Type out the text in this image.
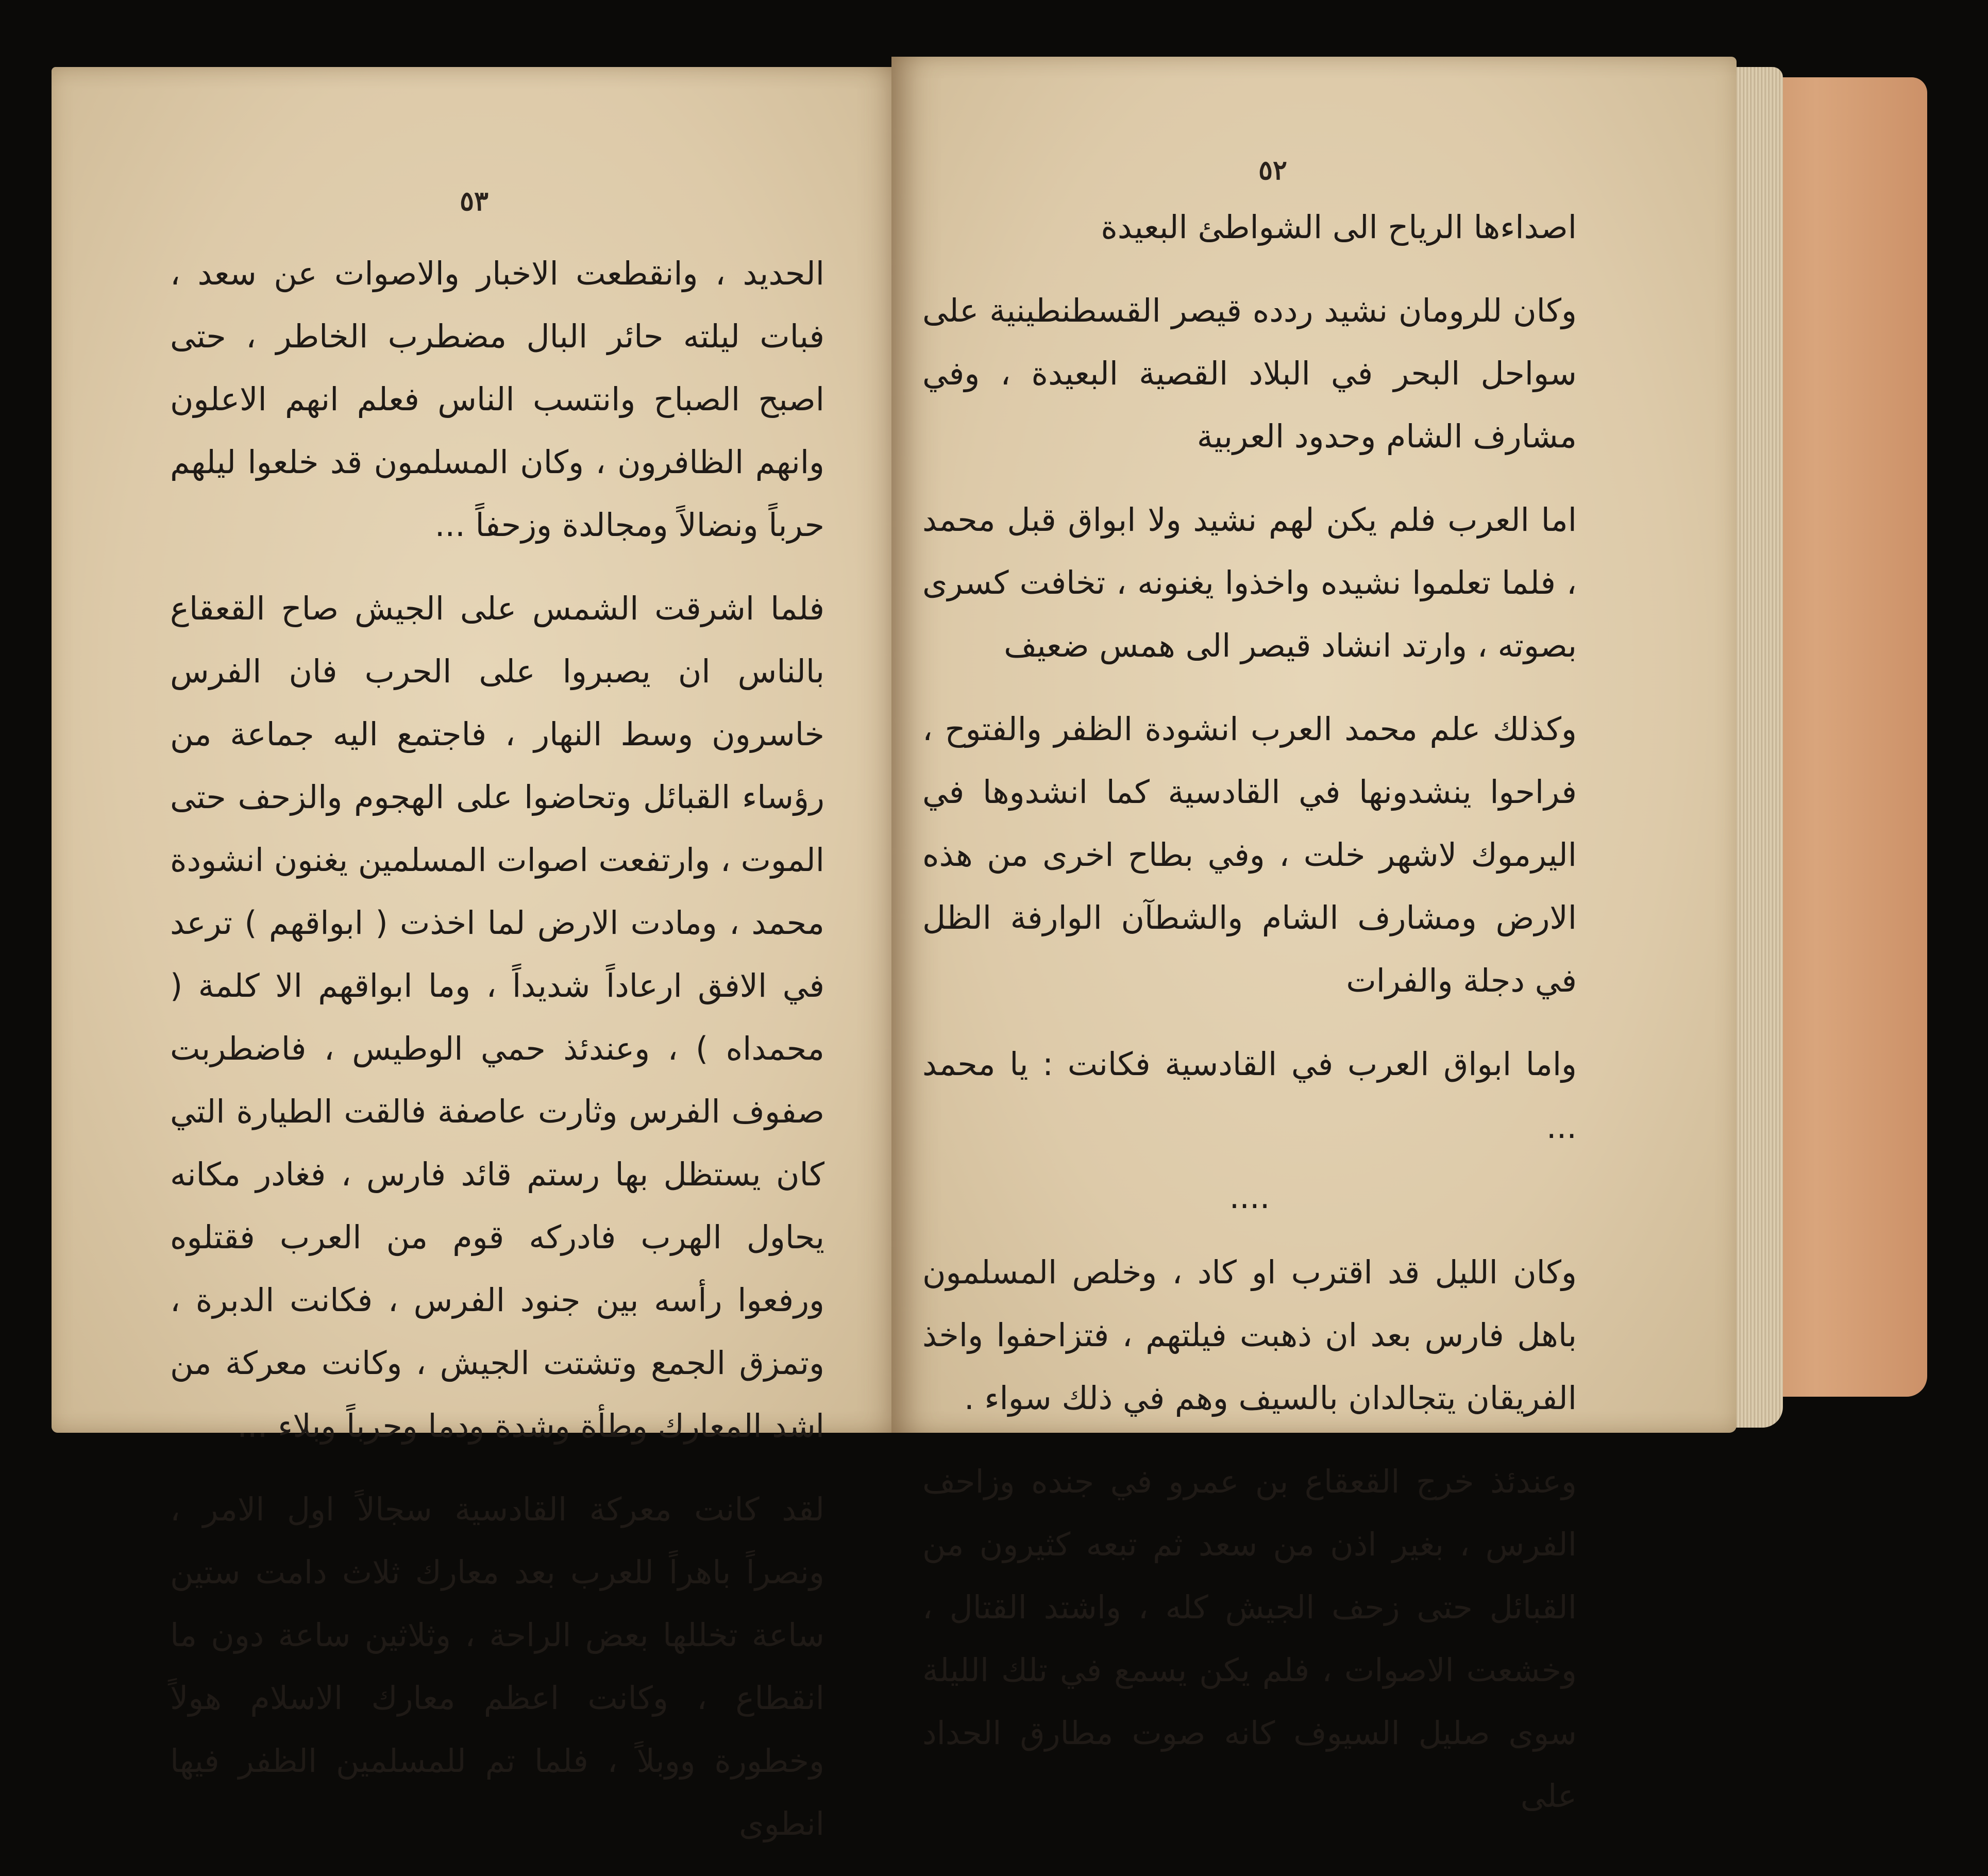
٥٣

الحديد ، وانقطعت الاخبار والاصوات عن سعد ، فبات ليلته حائر البال مضطرب الخاطر ، حتى اصبح الصباح وانتسب الناس فعلم انهم الاعلون وانهم الظافرون ، وكان المسلمون قد خلعوا ليلهم حرباً ونضالاً ومجالدة وزحفاً ...

فلما اشرقت الشمس على الجيش صاح القعقاع بالناس ان يصبروا على الحرب فان الفرس خاسرون وسط النهار ، فاجتمع اليه جماعة من رؤساء القبائل وتحاضوا على الهجوم والزحف حتى الموت ، وارتفعت اصوات المسلمين يغنون انشودة محمد ، ومادت الارض لما اخذت ( ابواقهم ) ترعد في الافق ارعاداً شديداً ، وما ابواقهم الا كلمة ( محمداه ) ، وعندئذ حمي الوطيس ، فاضطربت صفوف الفرس وثارت عاصفة فالقت الطيارة التي كان يستظل بها رستم قائد فارس ، فغادر مكانه يحاول الهرب فادركه قوم من العرب فقتلوه ورفعوا رأسه بين جنود الفرس ، فكانت الدبرة ، وتمزق الجمع وتشتت الجيش ، وكانت معركة من اشد المعارك وطأة وشدة ودما وحرباً وبلاء ...

لقد كانت معركة القادسية سجالاً اول الامر ، ونصراً باهراً للعرب بعد معارك ثلاث دامت ستين ساعة تخللها بعض الراحة ، وثلاثين ساعة دون ما انقطاع ، وكانت اعظم معارك الاسلام هولاً وخطورة ووبلاً ، فلما تم للمسلمين الظفر فيها انطوى

٥٢

اصداءها الرياح الى الشواطئ البعيدة

وكان للرومان نشيد ردده قيصر القسطنطينية على سواحل البحر في البلاد القصية البعيدة ، وفي مشارف الشام وحدود العربية

اما العرب فلم يكن لهم نشيد ولا ابواق قبل محمد ، فلما تعلموا نشيده واخذوا يغنونه ، تخافت كسرى بصوته ، وارتد انشاد قيصر الى همس ضعيف

وكذلك علم محمد العرب انشودة الظفر والفتوح ، فراحوا ينشدونها في القادسية كما انشدوها في اليرموك لاشهر خلت ، وفي بطاح اخرى من هذه الارض ومشارف الشام والشطآن الوارفة الظل في دجلة والفرات

واما ابواق العرب في القادسية فكانت : يا محمد ...

....

وكان الليل قد اقترب او كاد ، وخلص المسلمون باهل فارس بعد ان ذهبت فيلتهم ، فتزاحفوا واخذ الفريقان يتجالدان بالسيف وهم في ذلك سواء .

وعندئذ خرج القعقاع بن عمرو في جنده وزاحف الفرس ، بغير اذن من سعد ثم تبعه كثيرون من القبائل حتى زحف الجيش كله ، واشتد القتال ، وخشعت الاصوات ، فلم يكن يسمع في تلك الليلة سوى صليل السيوف كانه صوت مطارق الحداد على
